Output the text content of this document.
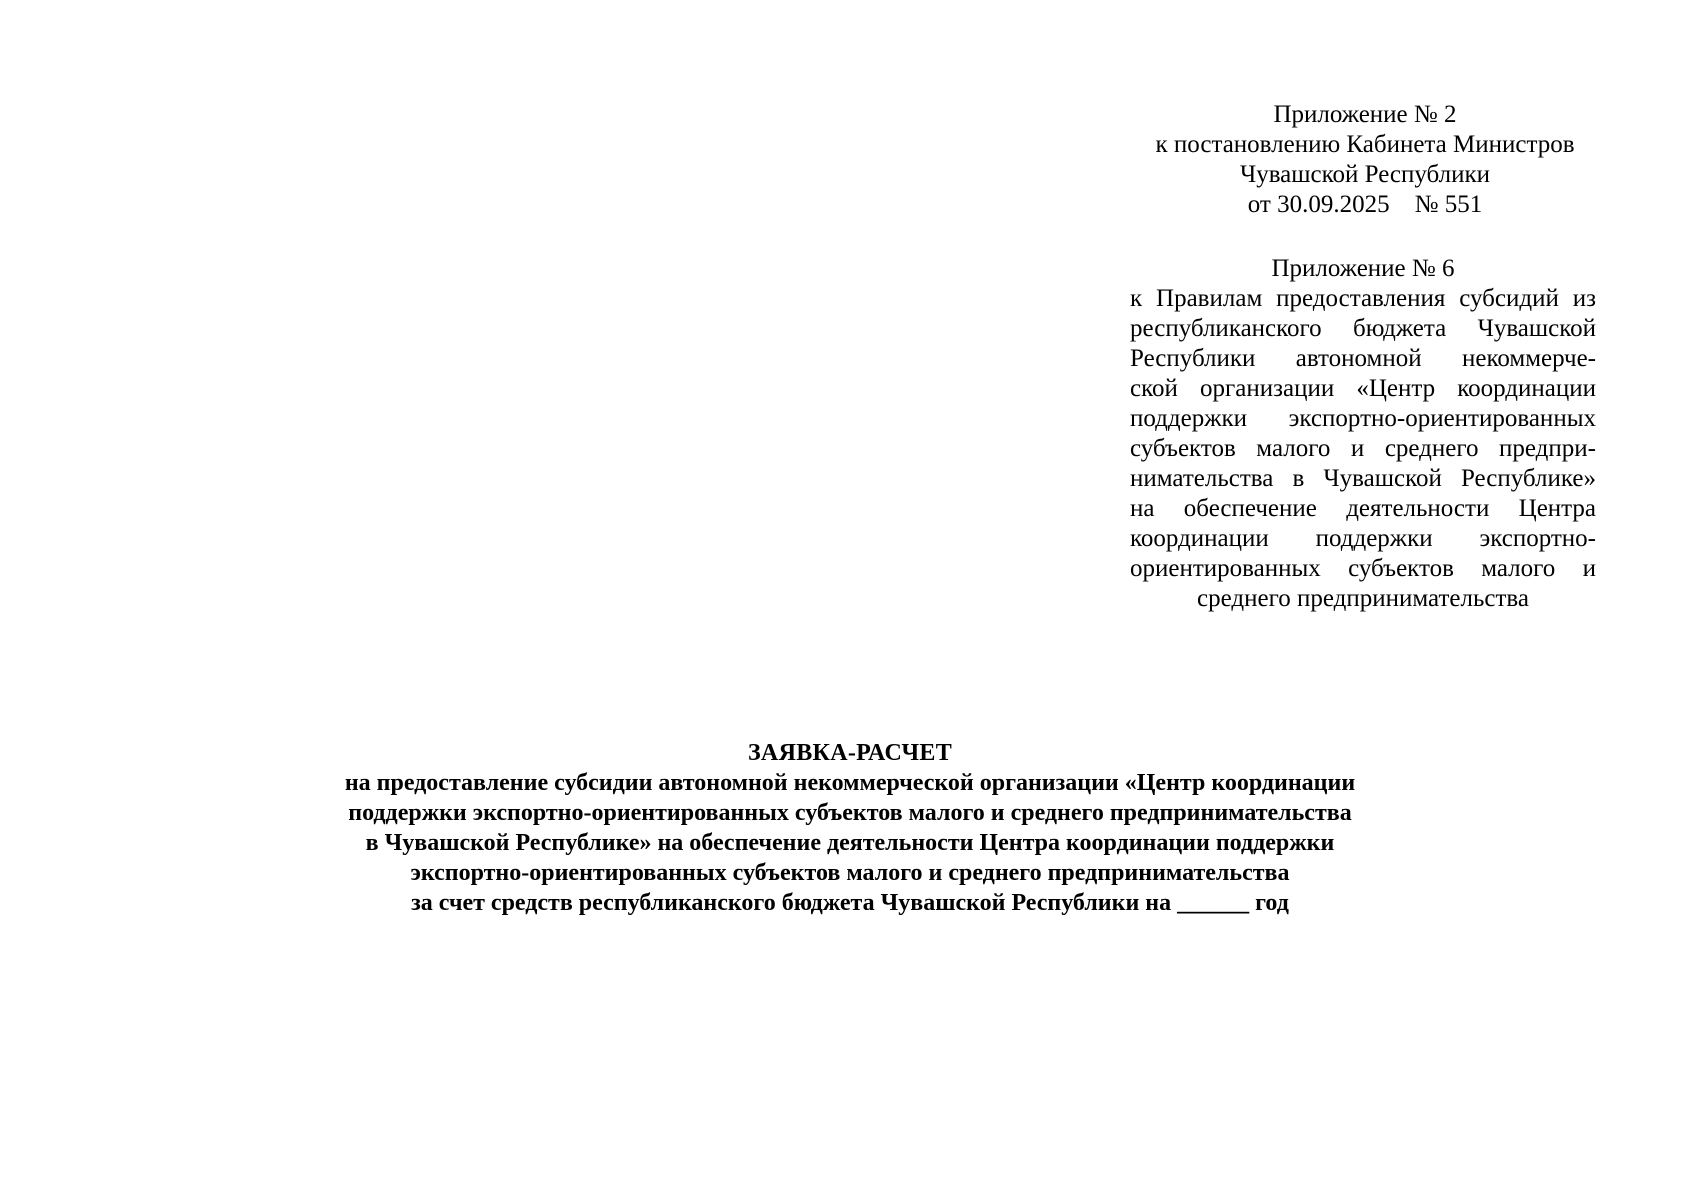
Приложение № 2
к постановлению Кабинета Министров
Чувашской Республики
от 30.09.2025    № 551
Приложение № 6
к Правилам предоставления субсидий из
республиканского бюджета Чувашской
Республики автономной некоммерче-
ской организации «Центр координации
поддержки экспортно-ориентированных
субъектов малого и среднего предпри-
нимательства в Чувашской Республике»
на обеспечение деятельности Центра
координации поддержки экспортно-
ориентированных субъектов малого и
среднего предпринимательства
ЗАЯВКА-РАСЧЕТ
на предоставление субсидии автономной некоммерческой организации «Центр координации
поддержки экспортно-ориентированных субъектов малого и среднего предпринимательства
в Чувашской Республике» на обеспечение деятельности Центра координации поддержки
экспортно-ориентированных субъектов малого и среднего предпринимательства
за счет средств республиканского бюджета Чувашской Республики на ______ год
